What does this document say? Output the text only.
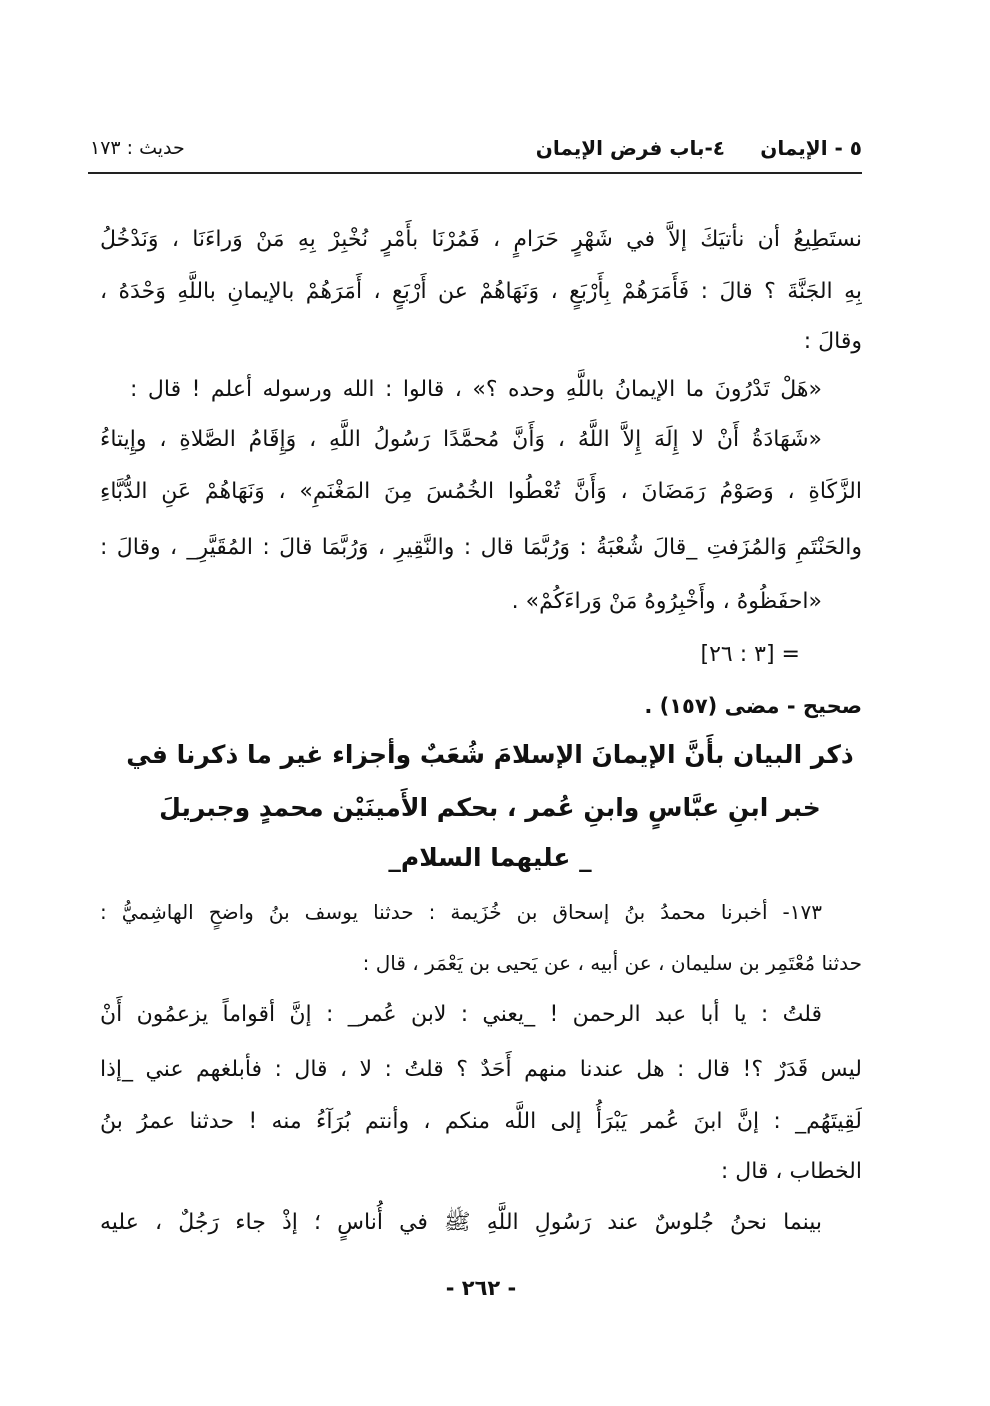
٥ - الإيمان
٤-باب فرض الإيمان
حديث : ١٧٣
نستَطِيعُ أن نأتيَكَ إلاَّ في شَهْرٍ حَرَامٍ ، فَمُرْنَا بأَمْرٍ نُخْبِرْ بِهِ مَنْ وَراءَنَا ، وَنَدْخُلُ
بِهِ الجَنَّةَ ؟ قالَ : فَأَمَرَهُمْ بِأَرْبَعٍ ، وَنَهَاهُمْ عن أَرْبَعٍ ، أَمَرَهُمْ بالإيمانِ باللَّهِ وَحْدَهُ ،
وقالَ :
«هَلْ تَدْرُونَ ما الإيمانُ باللَّهِ وحده ؟» ، قالوا : الله ورسوله أعلم ! قال :
«شَهَادَةُ أَنْ لا إِلَهَ إِلاَّ اللَّهُ ، وَأَنَّ مُحمَّدًا رَسُولُ اللَّهِ ، وَإِقَامُ الصَّلاةِ ، وإِيتاءُ
الزَّكَاةِ ، وَصَوْمُ رَمَضَانَ ، وَأَنَّ تُعْطُوا الخُمُسَ مِنَ المَغْنَمِ» ، وَنَهَاهُمْ عَنِ الدُّبَّاءِ
والحَنْتَمِ وَالمُزَفتِ _قالَ شُعْبَةُ : وَرُبَّمَا قال : والنَّقِيرِ ، وَرُبَّمَا قالَ : المُقَيَّرِ_ ، وقالَ :
«احفَظُوهُ ، وأَخْبِرُوهُ مَنْ وَراءَكُمْ» .
= [٣ : ٢٦]
صحيح - مضى (١٥٧) .
ذكر البيان بأَنَّ الإيمانَ الإسلامَ شُعَبٌ وأجزاء غير ما ذكرنا في
خبر ابنِ عبَّاسٍ وابنِ عُمر ، بحكم الأَمينَيْن محمدٍ وجبريلَ
_ عليهما السلام_
١٧٣- أخبرنا محمدُ بنُ إسحاق بن خُزَيمة : حدثنا يوسف بنُ واضحٍ الهاشِميُّ :
حدثنا مُعْتَمِر بن سليمان ، عن أبيه ، عن يَحيى بن يَعْمَر ، قال :
قلتُ : يا أبا عبد الرحمن ! _يعني : لابن عُمر_ : إنَّ أقواماً يزعمُون أَنْ
ليس قَدَرٌ ؟! قال : هل عندنا منهم أَحَدٌ ؟ قلتُ : لا ، قال : فأبلغهم عني _إذا
لَقِيتَهُم_ : إنَّ ابنَ عُمر يَبْرَأُ إلى اللَّه منكم ، وأنتم بُرَآءُ منه ! حدثنا عمرُ بنُ
الخطاب ، قال :
بينما نحنُ جُلوسٌ عند رَسُولِ اللَّهِ ﷺ في أُناسٍ ؛ إذْ جاء رَجُلٌ ، عليه
- ٢٦٢ -
